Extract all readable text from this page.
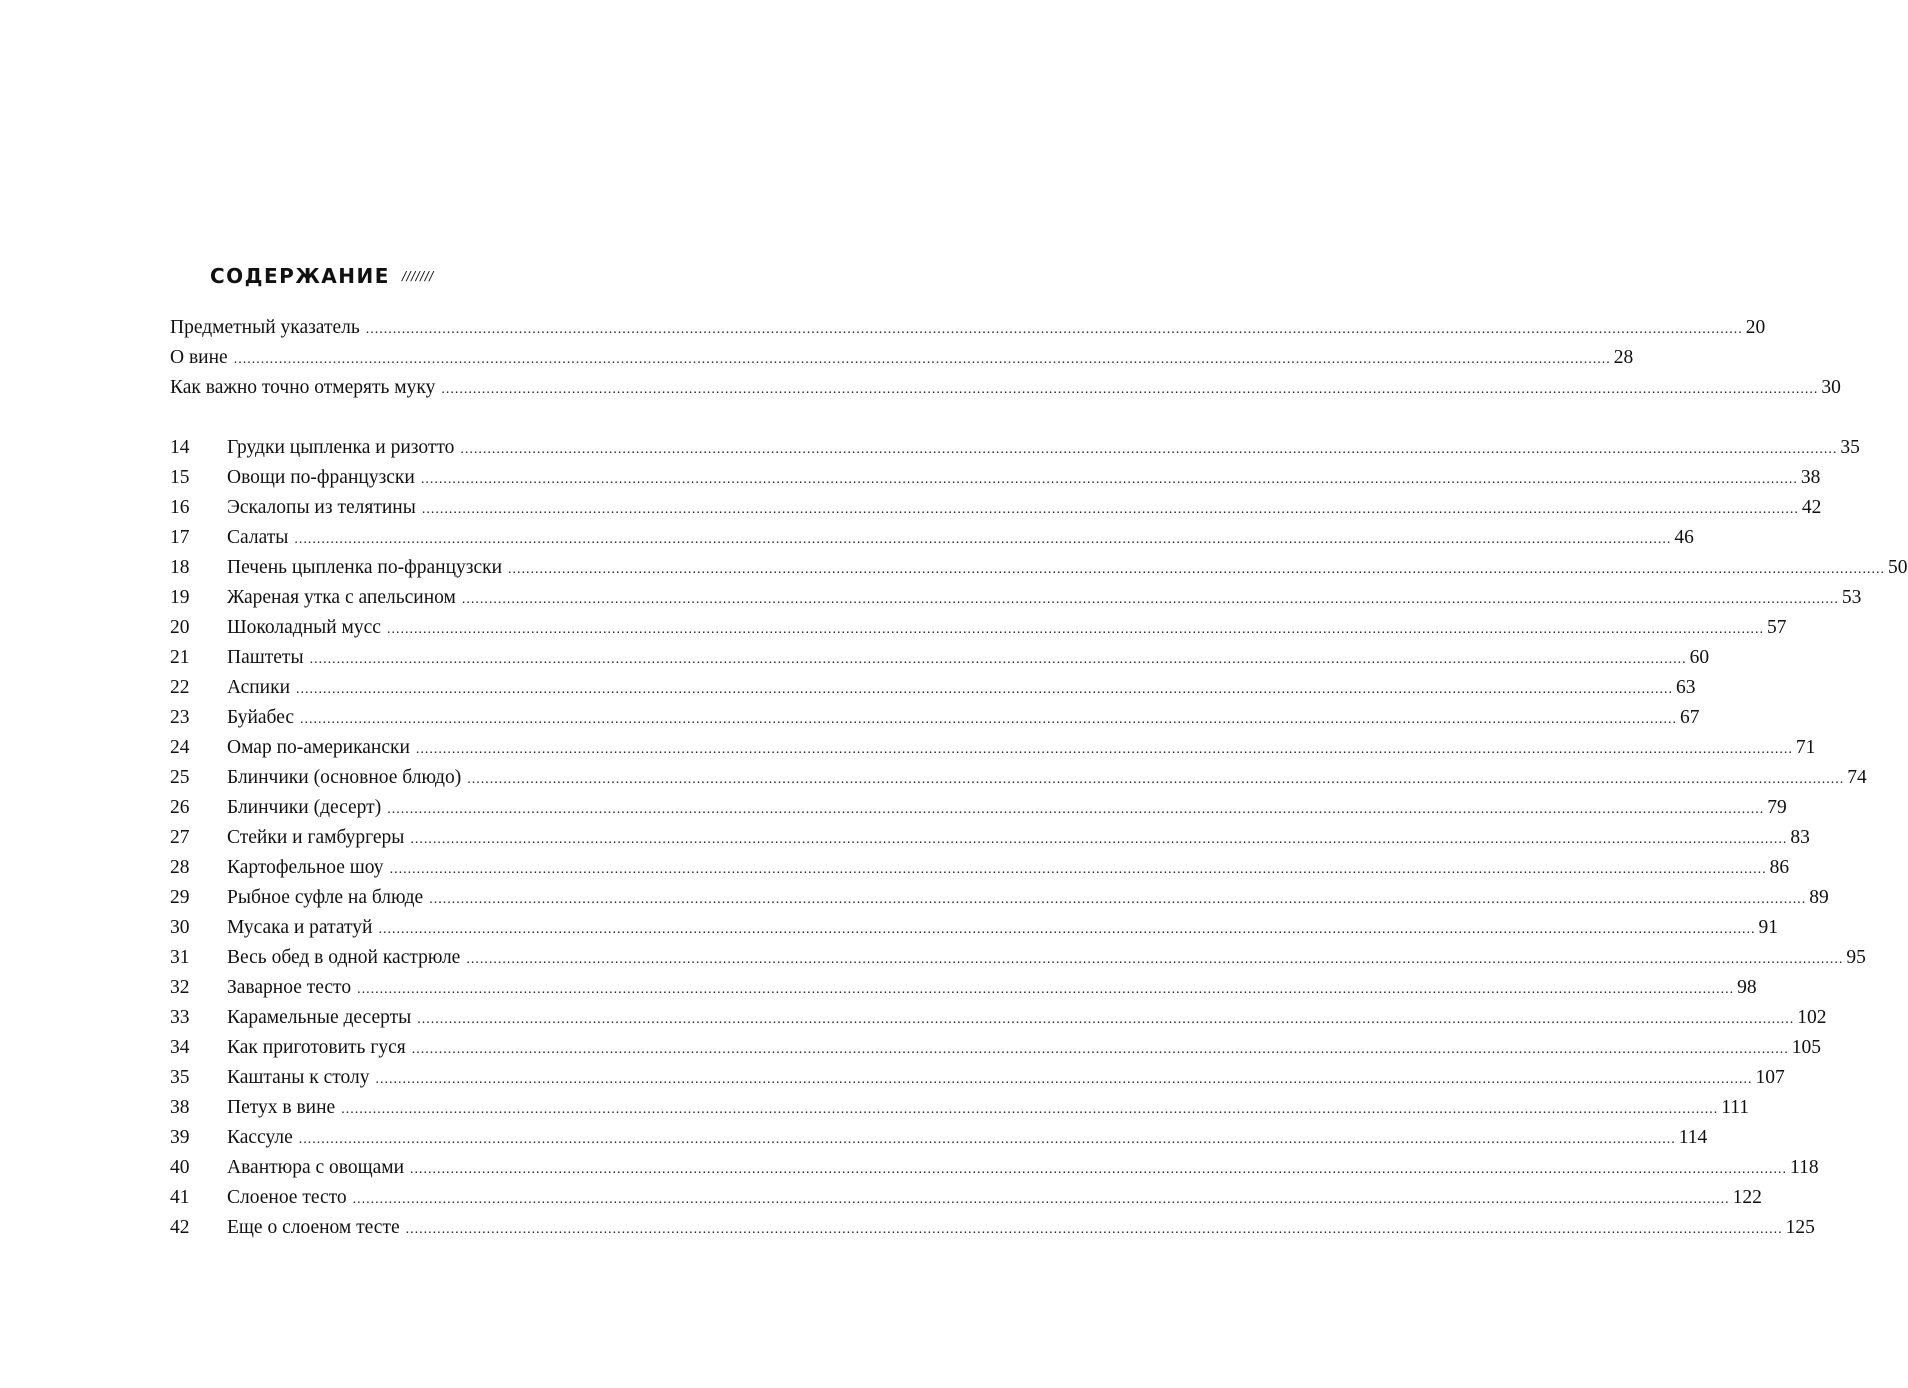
СОДЕРЖАНИЕ ///////
Предметный указатель .................................................................................................................................................................................................................................................................................................................. 20
О вине .................................................................................................................................................................................................................................................................................................................. 28
Как важно точно отмерять муку .................................................................................................................................................................................................................................................................................................................. 30
14	Грудки цыпленка и ризотто .................................................................................................................................................................................................................................................................................................................. 35
15	Овощи по-французски .................................................................................................................................................................................................................................................................................................................. 38
16	Эскалопы из телятины .................................................................................................................................................................................................................................................................................................................. 42
17	Салаты .................................................................................................................................................................................................................................................................................................................. 46
18	Печень цыпленка по-французски .................................................................................................................................................................................................................................................................................................................. 50
19	Жареная утка с апельсином .................................................................................................................................................................................................................................................................................................................. 53
20	Шоколадный мусс .................................................................................................................................................................................................................................................................................................................. 57
21	Паштеты .................................................................................................................................................................................................................................................................................................................. 60
22	Аспики .................................................................................................................................................................................................................................................................................................................. 63
23	Буйабес .................................................................................................................................................................................................................................................................................................................. 67
24	Омар по-американски .................................................................................................................................................................................................................................................................................................................. 71
25	Блинчики (основное блюдо) .................................................................................................................................................................................................................................................................................................................. 74
26	Блинчики (десерт) .................................................................................................................................................................................................................................................................................................................. 79
27	Стейки и гамбургеры .................................................................................................................................................................................................................................................................................................................. 83
28	Картофельное шоу .................................................................................................................................................................................................................................................................................................................. 86
29	Рыбное суфле на блюде .................................................................................................................................................................................................................................................................................................................. 89
30	Мусака и рататуй .................................................................................................................................................................................................................................................................................................................. 91
31	Весь обед в одной кастрюле .................................................................................................................................................................................................................................................................................................................. 95
32	Заварное тесто .................................................................................................................................................................................................................................................................................................................. 98
33	Карамельные десерты .................................................................................................................................................................................................................................................................................................................. 102
34	Как приготовить гуся .................................................................................................................................................................................................................................................................................................................. 105
35	Каштаны к столу .................................................................................................................................................................................................................................................................................................................. 107
38	Петух в вине .................................................................................................................................................................................................................................................................................................................. 111
39	Кассуле .................................................................................................................................................................................................................................................................................................................. 114
40	Авантюра с овощами .................................................................................................................................................................................................................................................................................................................. 118
41	Слоеное тесто .................................................................................................................................................................................................................................................................................................................. 122
42	Еще о слоеном тесте .................................................................................................................................................................................................................................................................................................................. 125
